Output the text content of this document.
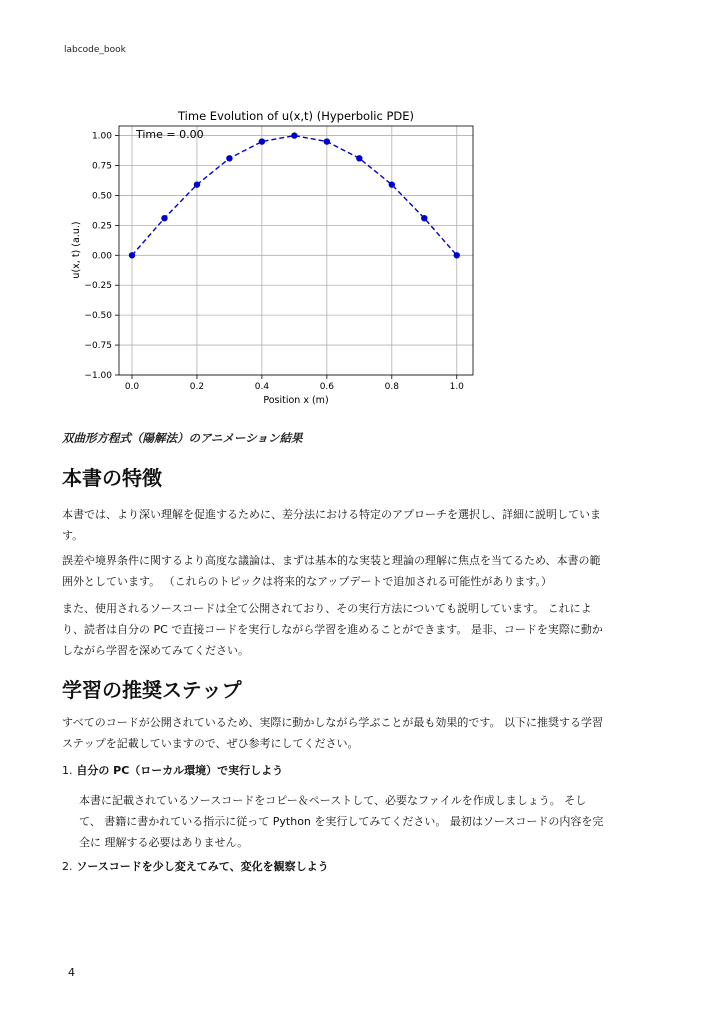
labcode_book
0.0	0.2	0.4	0.6	0.8	1.0
1.00
0.75
0.50
0.25
0.00
−0.25
−0.50
−0.75
−1.00
Time Evolution of u(x,t) (Hyperbolic PDE)
Time = 0.00
Position x (m)
u(x, t) (a.u.)
双曲形方程式（陽解法）のアニメーション結果
本書の特徴

本書では、より深い理解を促進するために、差分法における特定のアプローチを選択し、詳細に説明していま す。

誤差や境界条件に関するより高度な議論は、まずは基本的な実装と理論の理解に焦点を当てるため、本書の範 囲外としています。 （これらのトピックは将来的なアップデートで追加される可能性があります。）

また、使用されるソースコードは全て公開されており、その実行方法についても説明しています。 これによ り、読者は自分の PC で直接コードを実行しながら学習を進めることができます。 是非、コードを実際に動か しながら学習を深めてみてください。

学習の推奨ステップ

すべてのコードが公開されているため、実際に動かしながら学ぶことが最も効果的です。 以下に推奨する学習 ステップを記載していますので、ぜひ参考にしてください。

1. 自分の PC（ローカル環境）で実行しよう

本書に記載されているソースコードをコピー＆ペーストして、必要なファイルを作成しましょう。 そして、 書籍に書かれている指示に従って Python を実行してみてください。 最初はソースコードの内容を完全に 理解する必要はありません。

2. ソースコードを少し変えてみて、変化を観察しよう

4
